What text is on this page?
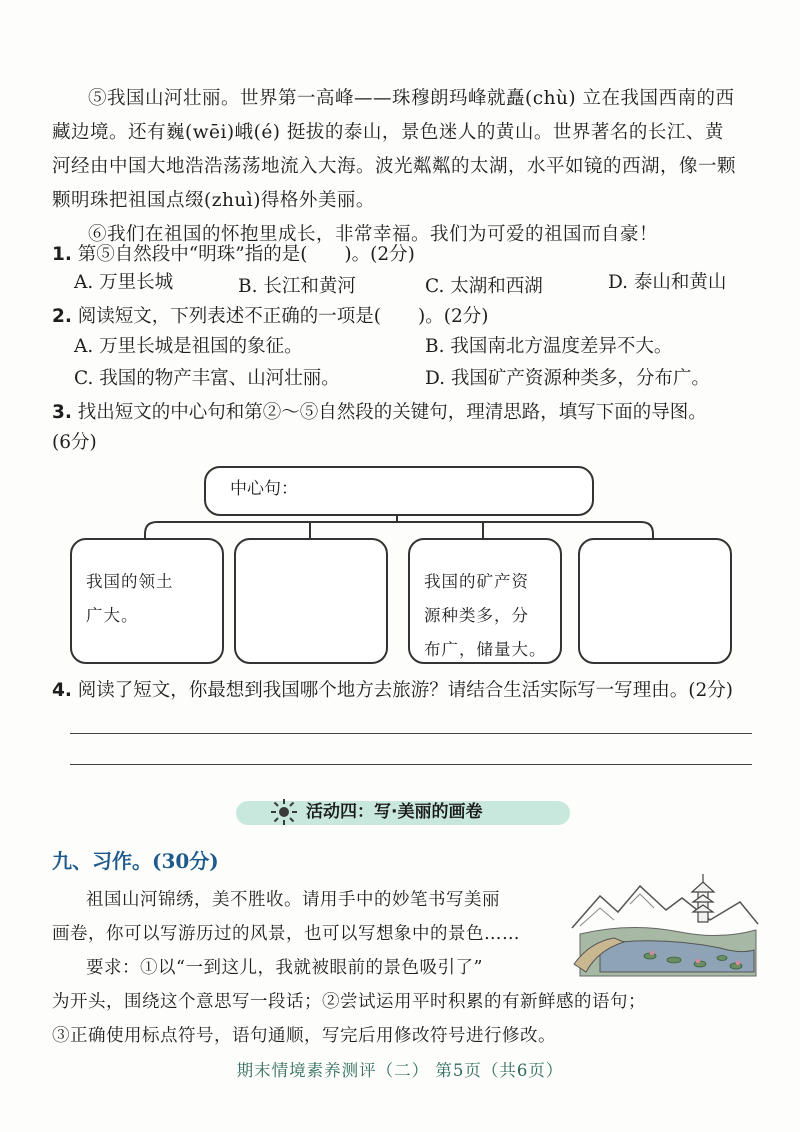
⑤我国山河壮丽。世界第一高峰——珠穆朗玛峰就矗(chù) 立在我国西南的西
藏边境。还有巍(wēi)峨(é) 挺拔的泰山，景色迷人的黄山。世界著名的长江、黄
河经由中国大地浩浩荡荡地流入大海。波光粼粼的太湖，水平如镜的西湖，像一颗
颗明珠把祖国点缀(zhuì)得格外美丽。
⑥我们在祖国的怀抱里成长，非常幸福。我们为可爱的祖国而自豪！
1. 第⑤自然段中“明珠”指的是(　　)。(2分)
A. 万里长城	B. 长江和黄河	C. 太湖和西湖	D. 泰山和黄山
2. 阅读短文，下列表述不正确的一项是(　　)。(2分)
A. 万里长城是祖国的象征。	B. 我国南北方温度差异不大。
C. 我国的物产丰富、山河壮丽。	D. 我国矿产资源种类多，分布广。
3. 找出短文的中心句和第②～⑤自然段的关键句，理清思路，填写下面的导图。
(6分)
中心句：
我国的领土
广大。
我国的矿产资
源种类多，分
布广，储量大。
4. 阅读了短文，你最想到我国哪个地方去旅游？请结合生活实际写一写理由。(2分)
活动四：写·美丽的画卷
九、习作。(30分)
祖国山河锦绣，美不胜收。请用手中的妙笔书写美丽
画卷，你可以写游历过的风景，也可以写想象中的景色……
要求：①以“一到这儿，我就被眼前的景色吸引了”
为开头，围绕这个意思写一段话；②尝试运用平时积累的有新鲜感的语句；
③正确使用标点符号，语句通顺，写完后用修改符号进行修改。
期末情境素养测评（二） 第5页（共6页）
